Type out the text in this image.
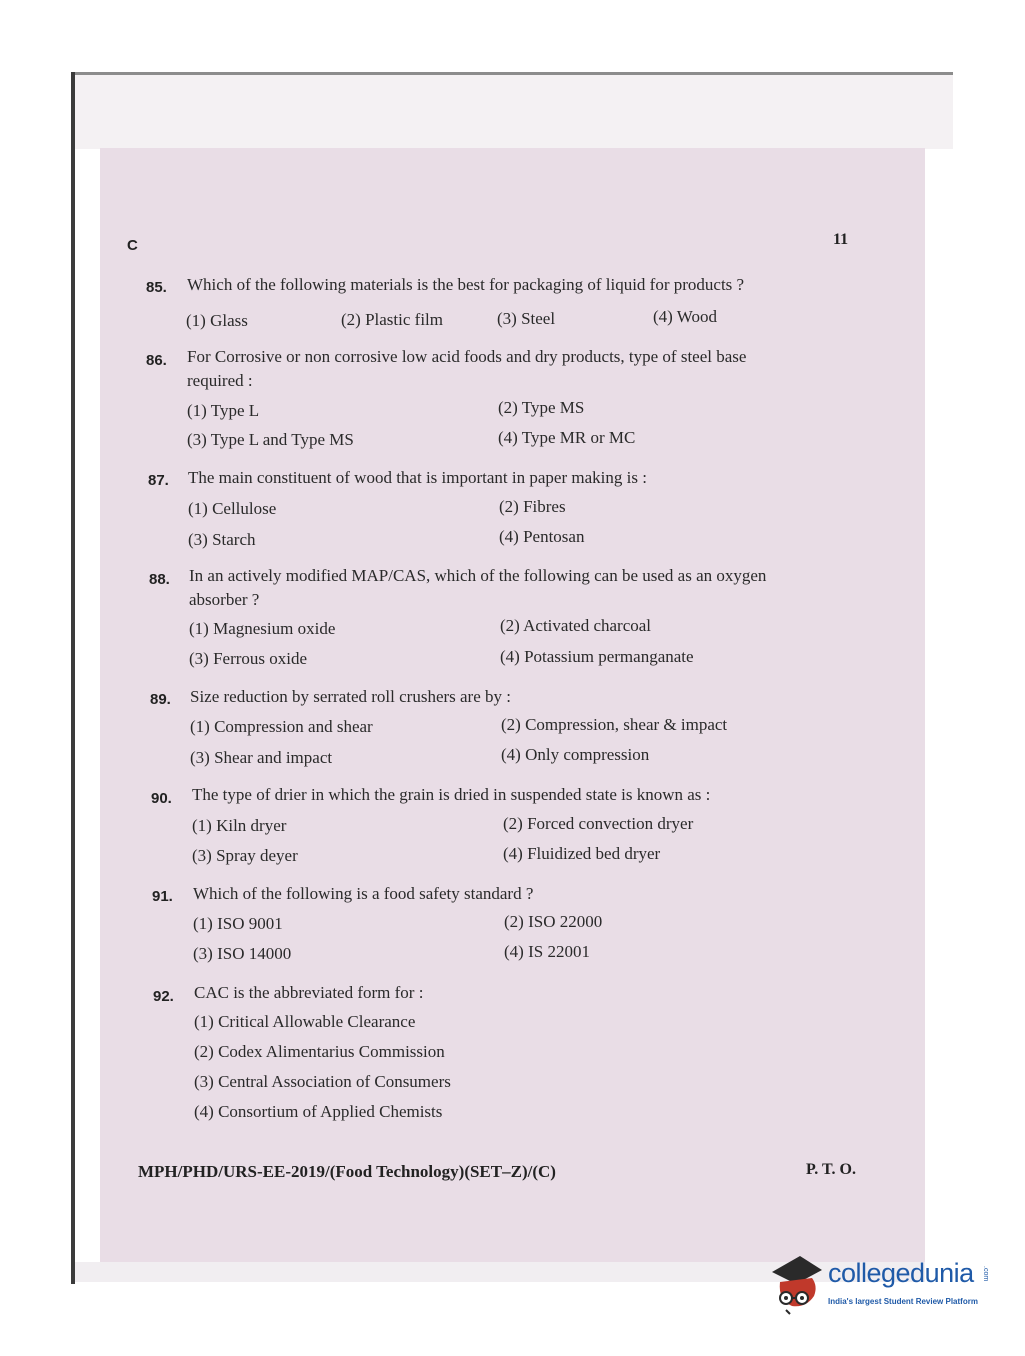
C	11
85. Which of the following materials is the best for packaging of liquid for products ?
(1) Glass	(2) Plastic film	(3) Steel	(4) Wood
86. For Corrosive or non corrosive low acid foods and dry products, type of steel base
required :
(1) Type L	(2) Type MS
(3) Type L and Type MS	(4) Type MR or MC
87. The main constituent of wood that is important in paper making is :
(1) Cellulose	(2) Fibres
(3) Starch	(4) Pentosan
88. In an actively modified MAP/CAS, which of the following can be used as an oxygen
absorber ?
(1) Magnesium oxide	(2) Activated charcoal
(3) Ferrous oxide	(4) Potassium permanganate
89. Size reduction by serrated roll crushers are by :
(1) Compression and shear	(2) Compression, shear & impact
(3) Shear and impact	(4) Only compression
90. The type of drier in which the grain is dried in suspended state is known as :
(1) Kiln dryer	(2) Forced convection dryer
(3) Spray deyer	(4) Fluidized bed dryer
91. Which of the following is a food safety standard ?
(1) ISO 9001	(2) ISO 22000
(3) ISO 14000	(4) IS 22001
92. CAC is the abbreviated form for :
(1) Critical Allowable Clearance
(2) Codex Alimentarius Commission
(3) Central Association of Consumers
(4) Consortium of Applied Chemists
MPH/PHD/URS-EE-2019/(Food Technology)(SET–Z)/(C)	P. T. O.
collegedunia .com
India's largest Student Review Platform
